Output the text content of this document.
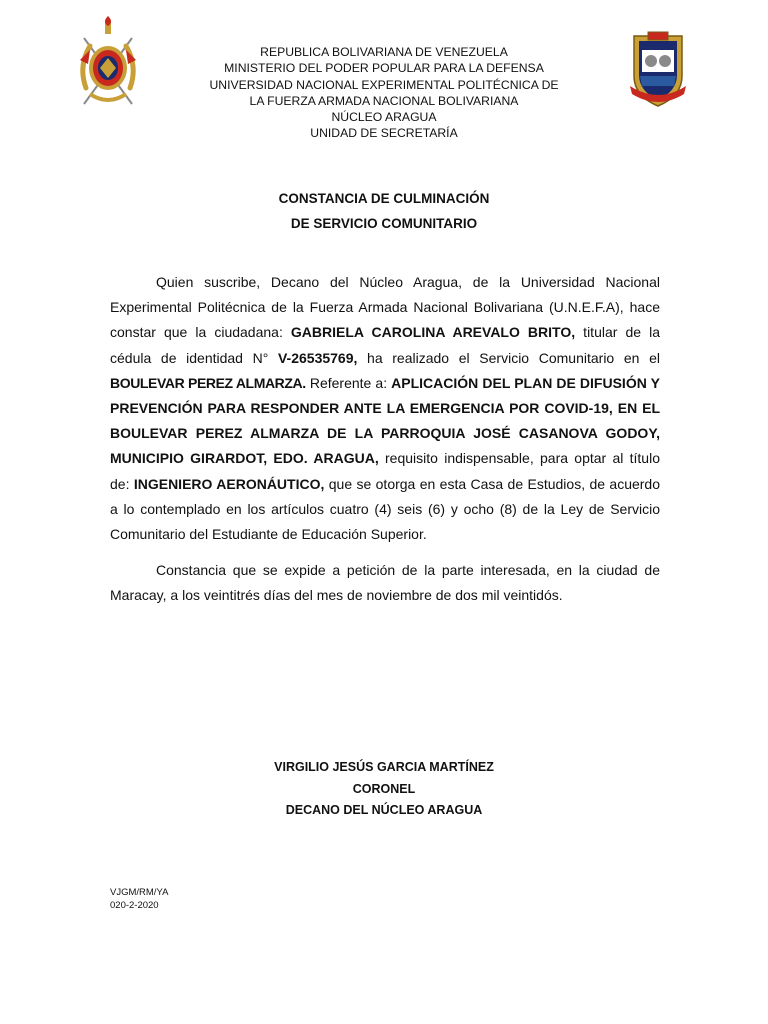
REPUBLICA BOLIVARIANA DE VENEZUELA
MINISTERIO DEL PODER POPULAR PARA LA DEFENSA
UNIVERSIDAD NACIONAL EXPERIMENTAL POLITÉCNICA DE
LA FUERZA ARMADA NACIONAL BOLIVARIANA
NÚCLEO ARAGUA
UNIDAD DE SECRETARÍA
CONSTANCIA DE CULMINACIÓN
DE SERVICIO COMUNITARIO

Quien suscribe, Decano del Núcleo Aragua, de la Universidad Nacional Experimental Politécnica de la Fuerza Armada Nacional Bolivariana (U.N.E.F.A), hace constar que la ciudadana: GABRIELA CAROLINA AREVALO BRITO, titular de la cédula de identidad N° V-26535769, ha realizado el Servicio Comunitario en el BOULEVAR PEREZ ALMARZA. Referente a: APLICACIÓN DEL PLAN DE DIFUSIÓN Y PREVENCIÓN PARA RESPONDER ANTE LA EMERGENCIA POR COVID-19, EN EL BOULEVAR PEREZ ALMARZA DE LA PARROQUIA JOSÉ CASANOVA GODOY, MUNICIPIO GIRARDOT, EDO. ARAGUA, requisito indispensable, para optar al título de: INGENIERO AERONÁUTICO, que se otorga en esta Casa de Estudios, de acuerdo a lo contemplado en los artículos cuatro (4) seis (6) y ocho (8) de la Ley de Servicio Comunitario del Estudiante de Educación Superior.

Constancia que se expide a petición de la parte interesada, en la ciudad de Maracay, a los veintitrés días del mes de noviembre de dos mil veintidós.

VIRGILIO JESÚS GARCIA MARTÍNEZ
CORONEL
DECANO DEL NÚCLEO ARAGUA
VJGM/RM/YA
020-2-2020
